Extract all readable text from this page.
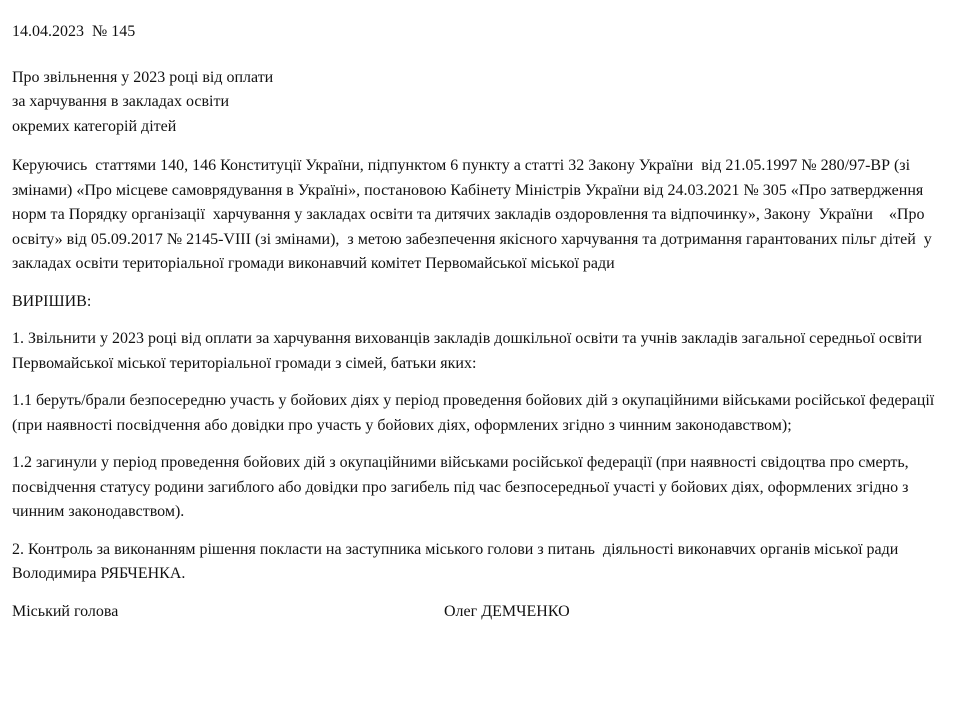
14.04.2023 № 145

Про звільнення у 2023 році від оплати
за харчування в закладах освіти
окремих категорій дітей

Керуючись  статтями 140, 146 Конституції України, підпунктом 6 пункту а статті 32 Закону України  від 21.05.1997 № 280/97-ВР (зі змінами) «Про місцеве самоврядування в Україні», постановою Кабінету Міністрів України від 24.03.2021 № 305 «Про затвердження норм та Порядку організації  харчування у закладах освіти та дитячих закладів оздоровлення та відпочинку», Закону  України    «Про освіту» від 05.09.2017 № 2145-VIII (зі змінами),  з метою забезпечення якісного харчування та дотримання гарантованих пільг дітей  у закладах освіти територіальної громади виконавчий комітет Первомайської міської ради

ВИРІШИВ:

1. Звільнити у 2023 році від оплати за харчування вихованців закладів дошкільної освіти та учнів закладів загальної середньої освіти Первомайської міської територіальної громади з сімей, батьки яких:

1.1 беруть/брали безпосередню участь у бойових діях у період проведення бойових дій з окупаційними військами російської федерації (при наявності посвідчення або довідки про участь у бойових діях, оформлених згідно з чинним законодавством);

1.2 загинули у період проведення бойових дій з окупаційними військами російської федерації (при наявності свідоцтва про смерть,  посвідчення статусу родини загиблого або довідки про загибель під час безпосередньої участі у бойових діях, оформлених згідно з чинним законодавством).

2. Контроль за виконанням рішення покласти на заступника міського голови з питань  діяльності виконавчих органів міської ради Володимира РЯБЧЕНКА.

Міський голова	Олег ДЕМЧЕНКО
